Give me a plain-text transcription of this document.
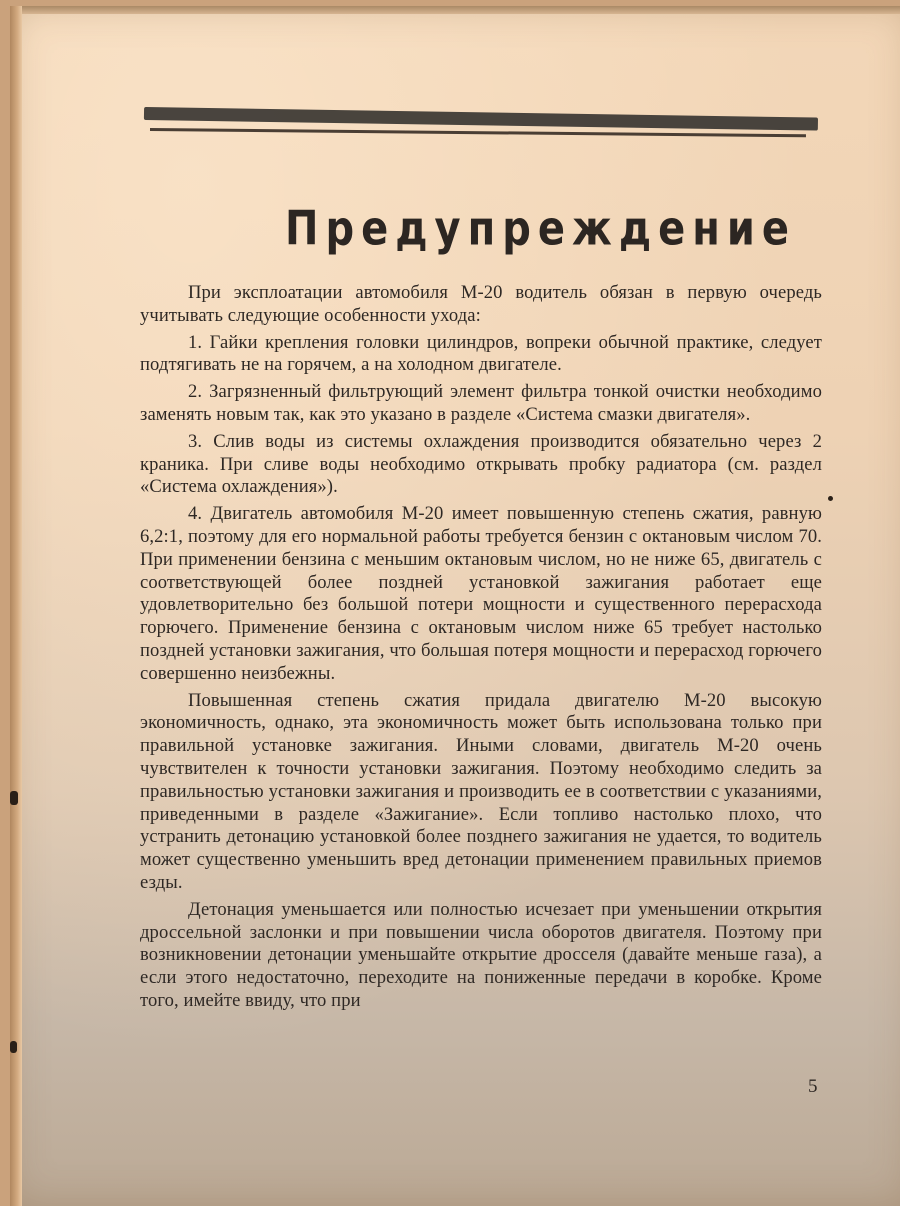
Предупреждение

При эксплоатации автомобиля М-20 водитель обязан в первую очередь учитывать следующие особенности ухода:

1. Гайки крепления головки цилиндров, вопреки обычной практике, следует подтягивать не на горячем, а на холодном двигателе.

2. Загрязненный фильтрующий элемент фильтра тонкой очистки необходимо заменять новым так, как это указано в разделе «Система смазки двигателя».

3. Слив воды из системы охлаждения производится обязательно через 2 краника. При сливе воды необходимо открывать пробку радиатора (см. раздел «Система охлаждения»).

4. Двигатель автомобиля М-20 имеет повышенную степень сжатия, равную 6,2:1, поэтому для его нормальной работы требуется бензин с октановым числом 70. При применении бензина с меньшим октановым числом, но не ниже 65, двигатель с соответствующей более поздней установкой зажигания работает еще удовлетворительно без большой потери мощности и существенного перерасхода горючего. Применение бензина с октановым числом ниже 65 требует настолько поздней установки зажигания, что большая потеря мощности и перерасход горючего совершенно неизбежны.

Повышенная степень сжатия придала двигателю М-20 высокую экономичность, однако, эта экономичность может быть использована только при правильной установке зажигания. Иными словами, двигатель М-20 очень чувствителен к точности установки зажигания. Поэтому необходимо следить за правильностью установки зажигания и производить ее в соответствии с указаниями, приведенными в разделе «Зажигание». Если топливо настолько плохо, что устранить детонацию установкой более позднего зажигания не удается, то водитель может существенно уменьшить вред детонации применением правильных приемов езды.

Детонация уменьшается или полностью исчезает при уменьшении открытия дроссельной заслонки и при повышении числа оборотов двигателя. Поэтому при возникновении детонации уменьшайте открытие дросселя (давайте меньше газа), а если этого недостаточно, переходите на пониженные передачи в коробке. Кроме того, имейте ввиду, что при

5
